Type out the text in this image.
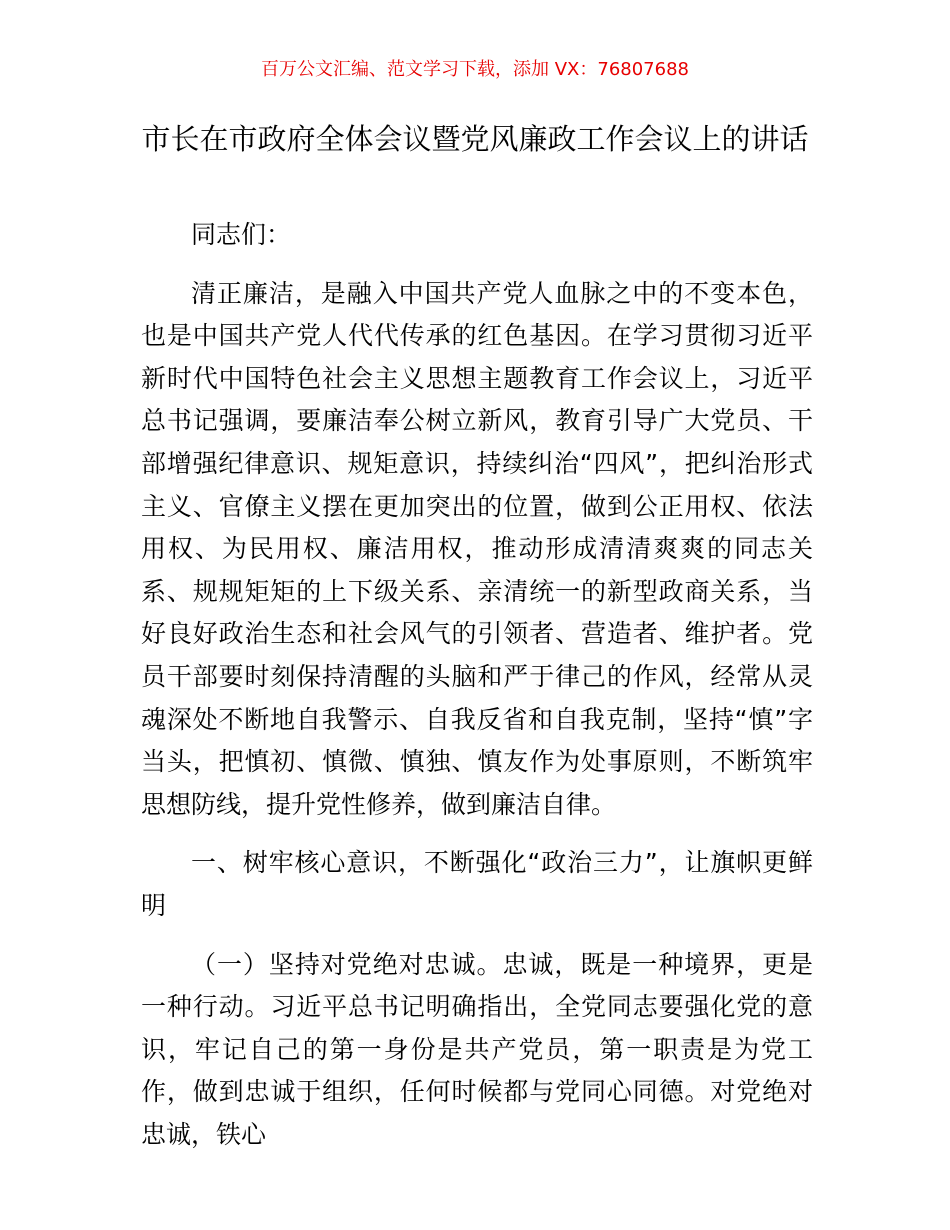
百万公文汇编、范文学习下载，添加 VX：76807688
市长在市政府全体会议暨党风廉政工作会议上的讲话

同志们：

清正廉洁，是融入中国共产党人血脉之中的不变本色，也是中国共产党人代代传承的红色基因。在学习贯彻习近平新时代中国特色社会主义思想主题教育工作会议上，习近平总书记强调，要廉洁奉公树立新风，教育引导广大党员、干部增强纪律意识、规矩意识，持续纠治“四风”，把纠治形式主义、官僚主义摆在更加突出的位置，做到公正用权、依法用权、为民用权、廉洁用权，推动形成清清爽爽的同志关系、规规矩矩的上下级关系、亲清统一的新型政商关系，当好良好政治生态和社会风气的引领者、营造者、维护者。党员干部要时刻保持清醒的头脑和严于律己的作风，经常从灵魂深处不断地自我警示、自我反省和自我克制，坚持“慎”字当头，把慎初、慎微、慎独、慎友作为处事原则，不断筑牢思想防线，提升党性修养，做到廉洁自律。

一、树牢核心意识，不断强化“政治三力”，让旗帜更鲜明

（一）坚持对党绝对忠诚。忠诚，既是一种境界，更是一种行动。习近平总书记明确指出，全党同志要强化党的意识，牢记自己的第一身份是共产党员，第一职责是为党工作，做到忠诚于组织，任何时候都与党同心同德。对党绝对忠诚，铁心
